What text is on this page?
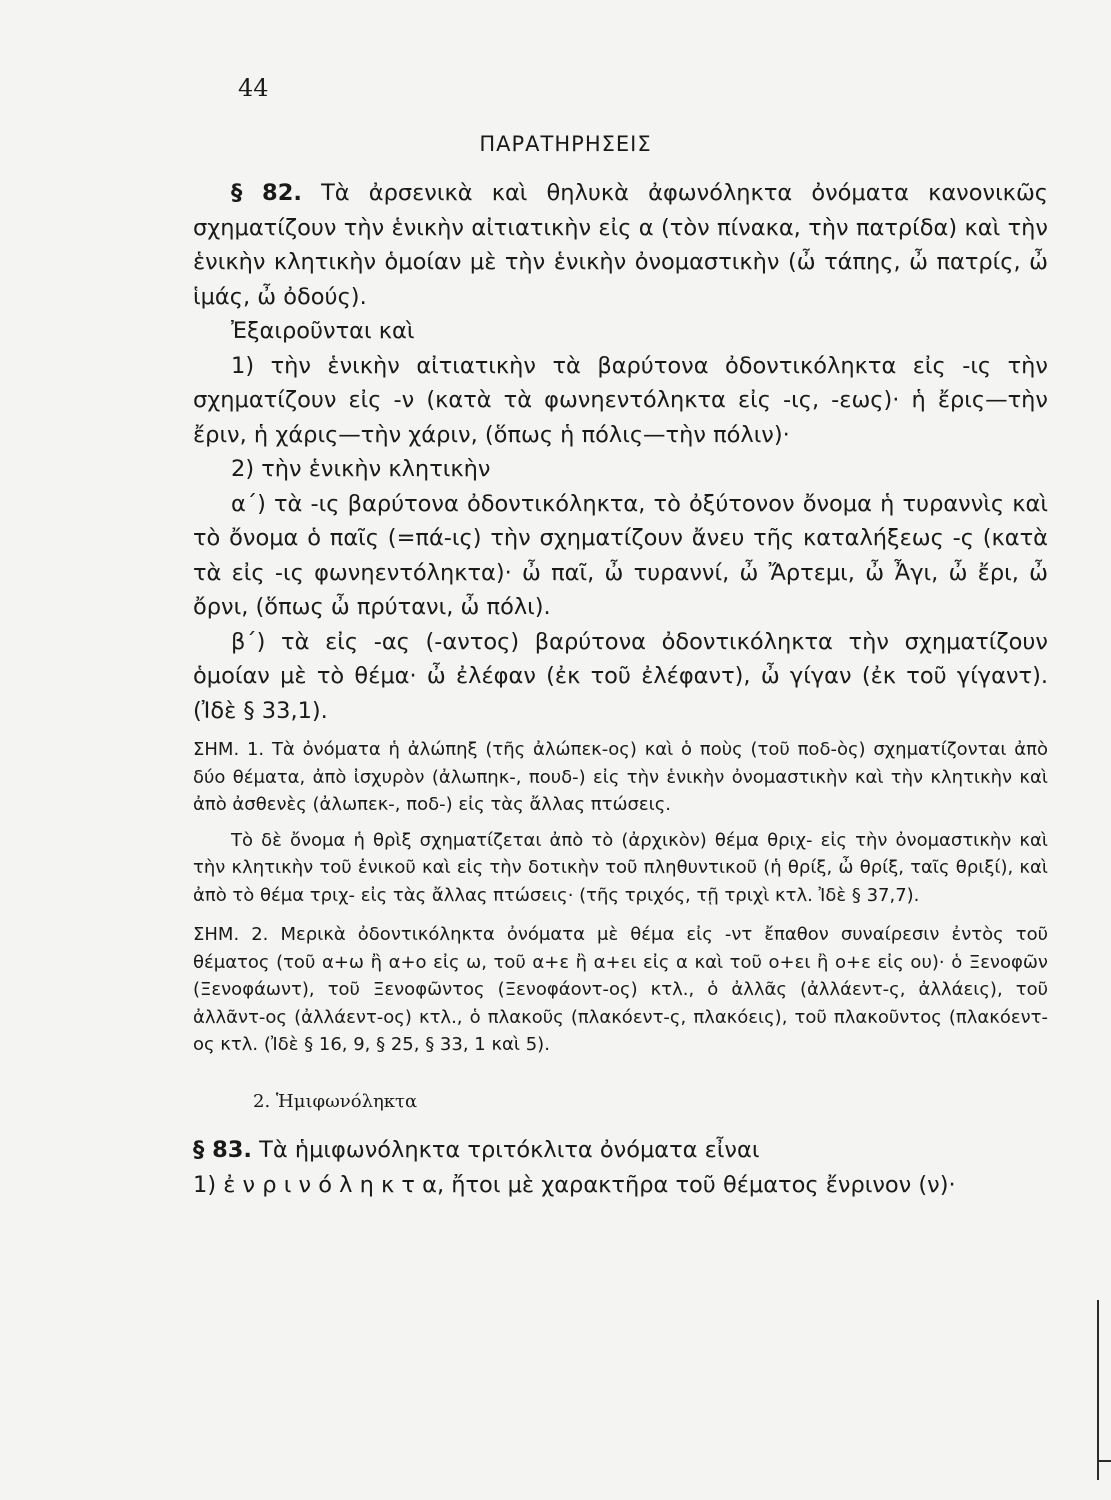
44
ΠΑΡΑΤΗΡΗΣΕΙΣ

§ 82. Τὰ ἀρσενικὰ καὶ θηλυκὰ ἀφωνόληκτα ὀνόματα κανονικῶς σχηματίζουν τὴν ἑνικὴν αἰτιατικὴν εἰς α (τὸν πίνακα, τὴν πατρίδα) καὶ τὴν ἑνικὴν κλητικὴν ὁμοίαν μὲ τὴν ἑνικὴν ὀνομαστικὴν (ὦ τάπης, ὦ πατρίς, ὦ ἱμάς, ὦ ὀδούς).

Ἐξαιροῦνται καὶ

1) τὴν ἑνικὴν αἰτιατικὴν τὰ βαρύτονα ὀδοντικόληκτα εἰς -ις τὴν σχηματίζουν εἰς -ν (κατὰ τὰ φωνηεντόληκτα εἰς -ις, -εως)· ἡ ἔρις—τὴν ἔριν, ἡ χάρις—τὴν χάριν, (ὅπως ἡ πόλις—τὴν πόλιν)·

2) τὴν ἑνικὴν κλητικὴν

α΄) τὰ -ις βαρύτονα ὀδοντικόληκτα, τὸ ὀξύτονον ὄνομα ἡ τυραννὶς καὶ τὸ ὄνομα ὁ παῖς (=πά-ις) τὴν σχηματίζουν ἄνευ τῆς καταλήξεως -ς (κατὰ τὰ εἰς -ις φωνηεντόληκτα)· ὦ παῖ, ὦ τυραννί, ὦ Ἄρτεμι, ὦ Ἆγι, ὦ ἔρι, ὦ ὄρνι, (ὅπως ὦ πρύτανι, ὦ πόλι).

β΄) τὰ εἰς -ας (-αντος) βαρύτονα ὀδοντικόληκτα τὴν σχηματίζουν ὁμοίαν μὲ τὸ θέμα· ὦ ἐλέφαν (ἐκ τοῦ ἐλέφαντ), ὦ γίγαν (ἐκ τοῦ γίγαντ). (Ἰδὲ § 33,1).

ΣΗΜ. 1. Τὰ ὀνόματα ἡ ἀλώπηξ (τῆς ἀλώπεκ-ος) καὶ ὁ ποὺς (τοῦ ποδ-ὸς) σχηματίζονται ἀπὸ δύο θέματα, ἀπὸ ἰσχυρὸν (ἀλωπηκ-, πουδ-) εἰς τὴν ἑνικὴν ὀνομαστικὴν καὶ τὴν κλητικὴν καὶ ἀπὸ ἀσθενὲς (ἀλωπεκ-, ποδ-) εἰς τὰς ἄλλας πτώσεις.

Τὸ δὲ ὄνομα ἡ θρὶξ σχηματίζεται ἀπὸ τὸ (ἀρχικὸν) θέμα θριχ- εἰς τὴν ὀνομαστικὴν καὶ τὴν κλητικὴν τοῦ ἑνικοῦ καὶ εἰς τὴν δοτικὴν τοῦ πληθυντικοῦ (ἡ θρίξ, ὦ θρίξ, ταῖς θριξί), καὶ ἀπὸ τὸ θέμα τριχ- εἰς τὰς ἄλλας πτώσεις· (τῆς τριχός, τῇ τριχὶ κτλ. Ἰδὲ § 37,7).

ΣΗΜ. 2. Μερικὰ ὀδοντικόληκτα ὀνόματα μὲ θέμα εἰς -ντ ἔπαθον συναίρεσιν ἐντὸς τοῦ θέματος (τοῦ α+ω ἢ α+ο εἰς ω, τοῦ α+ε ἢ α+ει εἰς α καὶ τοῦ ο+ει ἢ ο+ε εἰς ου)· ὁ Ξενοφῶν (Ξενοφάωντ), τοῦ Ξενοφῶντος (Ξενοφάοντ-ος) κτλ., ὁ ἀλλᾶς (ἀλλάεντ-ς, ἀλλάεις), τοῦ ἀλλᾶντ-ος (ἀλλάεντ-ος) κτλ., ὁ πλακοῦς (πλακόεντ-ς, πλακόεις), τοῦ πλακοῦντος (πλακόεντ-ος κτλ. (Ἰδὲ § 16, 9, § 25, § 33, 1 καὶ 5).

2. Ἡμιφωνόληκτα

§ 83. Τὰ ἡμιφωνόληκτα τριτόκλιτα ὀνόματα εἶναι

1) ἐ ν ρ ι ν ό λ η κ τ α, ἤτοι μὲ χαρακτῆρα τοῦ θέματος ἔνρινον (ν)·
